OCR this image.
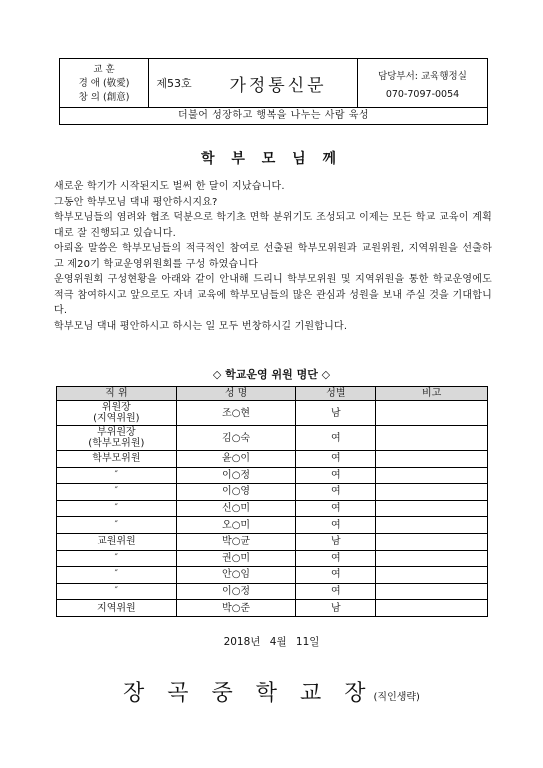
교 훈
경 애 (敬愛)
창 의 (創意)
제53호	가정통신문	담당부서: 교육행정실
070-7097-0054
더불어 성장하고 행복을 나누는 사람 육성
학 부 모 님 께

새로운 학기가 시작된지도 벌써 한 달이 지났습니다.

그동안 학부모님 댁내 평안하시지요?

학부모님들의 염려와 협조 덕분으로 학기초 면학 분위기도 조성되고 이제는 모든 학교 교육이 계획대로 잘 진행되고 있습니다.

아뢰올 말씀은 학부모님들의 적극적인 참여로 선출된 학부모위원과 교원위원, 지역위원을 선출하고 제20기 학교운영위원회를 구성 하였습니다

운영위원회 구성현황을 아래와 같이 안내해 드리니 학부모위원 및 지역위원을 통한 학교운영에도 적극 참여하시고 앞으로도 자녀 교육에 학부모님들의 많은 관심과 성원을 보내 주실 것을 기대합니다.

학부모님 댁내 평안하시고 하시는 일 모두 번창하시길 기원합니다.

◇ 학교운영 위원 명단 ◇
직 위	성 명	성별	비고
위원장
(지역위원)	조○현	남	
부위원장
(학부모위원)	김○숙	여	
학부모위원	윤○이	여	
″	이○정	여	
″	이○영	여	
″	신○미	여	
″	오○미	여	
교원위원	박○균	남	
″	권○미	여	
″	안○임	여	
″	이○정	여	
지역위원	박○준	남	
2018년 4월 11일
장 곡 중 학 교 장(직인생략)
